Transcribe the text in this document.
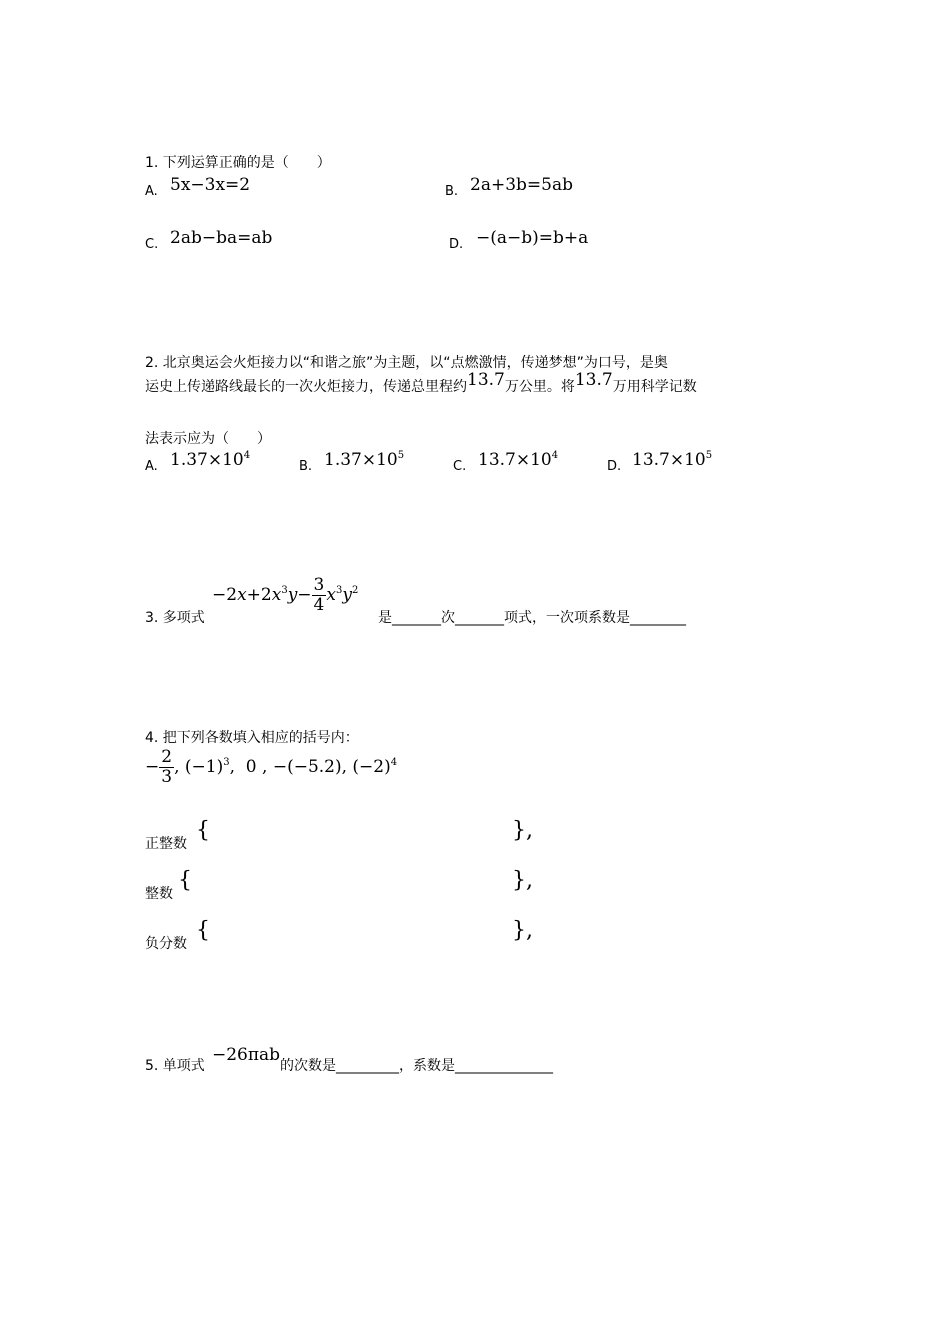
1. 下列运算正确的是（　　）
A. 5x−3x=2	B. 2a+3b=5ab
C. 2ab−ba=ab	D. −(a−b)=b+a
2. 北京奥运会火炬接力以“和谐之旅”为主题，以“点燃激情，传递梦想”为口号，是奥
运史上传递路线最长的一次火炬接力，传递总里程约13.7万公里。将13.7万用科学记数
法表示应为（　　）
A. $1.37\times 10^4$
B. $1.37\times 10^5$
C. $13.7\times 10^4$
D. $13.7\times 10^5$
3. 多项式
$-2x+2x^3y- \frac{3}{4} x^3y^2$
是_______次_______项式，一次项系数是________
4. 把下列各数填入相应的括号内：
− $\frac{2}{3}$ , $(-1)^3$,  0 , −(−5.2), $(-2)^4$
正整数
{	},
整数
{	},
负分数
{	},
5. 单项式
−26πab
的次数是_________，系数是______________
